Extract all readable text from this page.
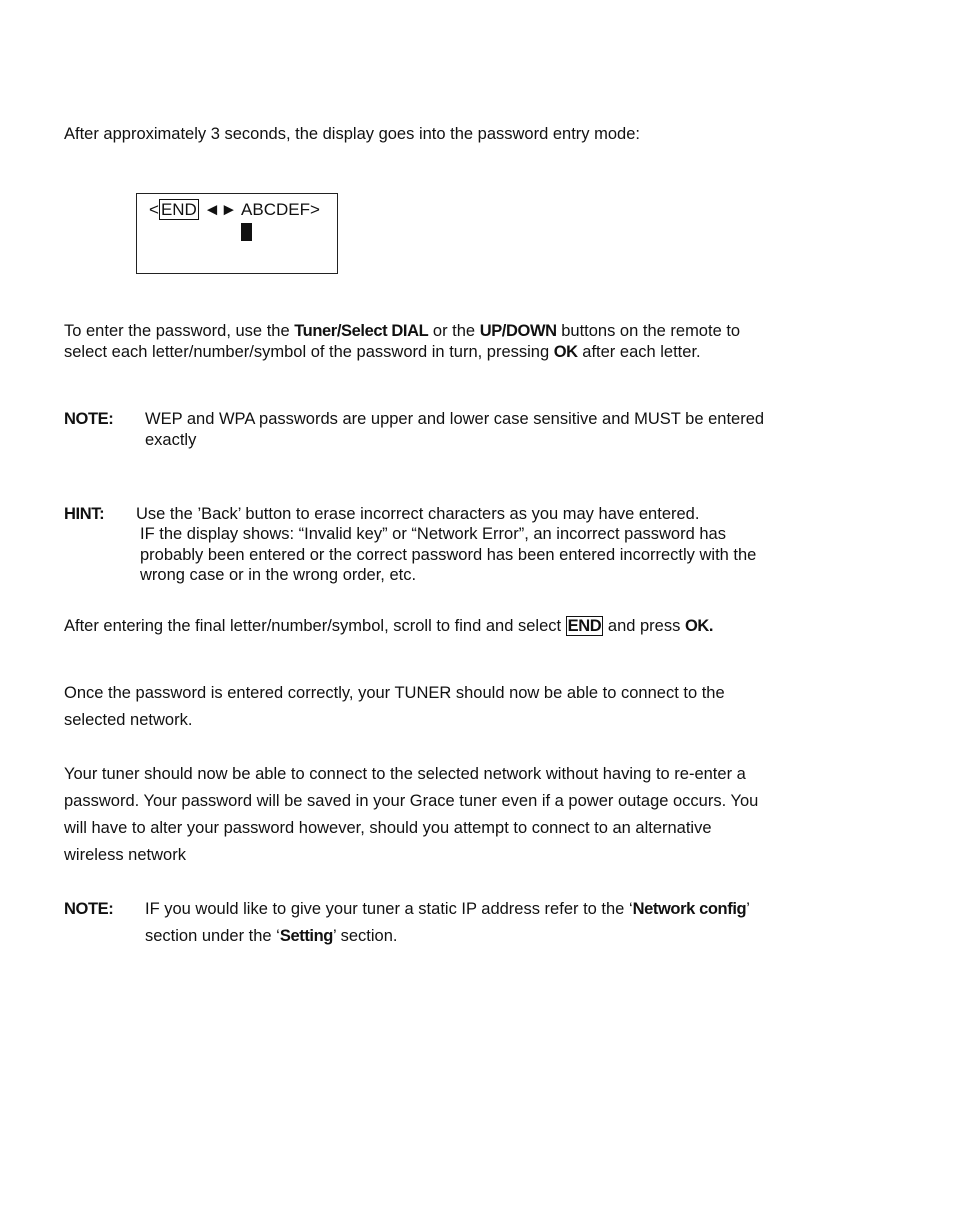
After approximately 3 seconds, the display goes into the password entry mode:
< END ◄► ABCDEF>
To enter the password, use the Tuner/Select DIAL or the UP/DOWN buttons on the remote to
select each letter/number/symbol of the password in turn, pressing OK after each letter.
NOTE: WEP and WPA passwords are upper and lower case sensitive and MUST be entered
exactly
HINT: Use the ’Back’ button to erase incorrect characters as you may have entered.
IF the display shows: “Invalid key” or “Network Error”, an incorrect password has
probably been entered or the correct password has been entered incorrectly with the
wrong case or in the wrong order, etc.
After entering the final letter/number/symbol, scroll to find and select END and press OK.
Once the password is entered correctly, your TUNER should now be able to connect to the
selected network.
Your tuner should now be able to connect to the selected network without having to re-enter a
password. Your password will be saved in your Grace tuner even if a power outage occurs. You
will have to alter your password however, should you attempt to connect to an alternative
wireless network
NOTE: IF you would like to give your tuner a static IP address refer to the ‘Network config’
section under the ‘Setting’ section.
